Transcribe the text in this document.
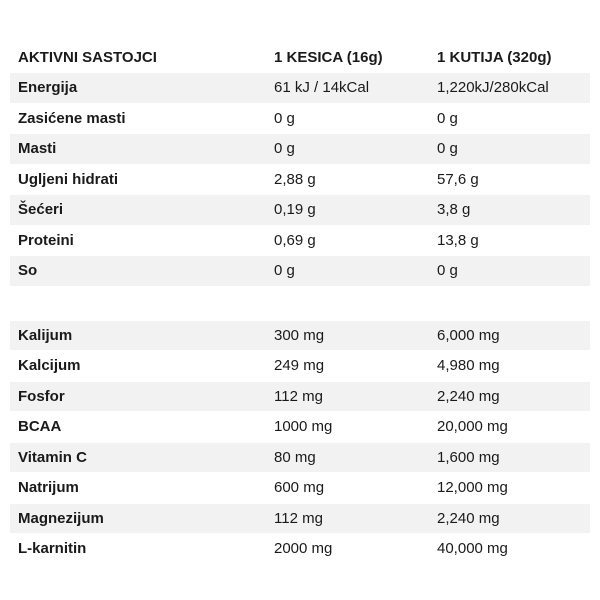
AKTIVNI SASTOJCI	1 KESICA (16g)	1 KUTIJA (320g)
Energija	61 kJ / 14kCal	1,220kJ/280kCal
Zasićene masti	0 g	0 g
Masti	0 g	0 g
Ugljeni hidrati	2,88 g	57,6 g
Šećeri	0,19 g	3,8 g
Proteini	0,69 g	13,8 g
So	0 g	0 g
Kalijum	300 mg	6,000 mg
Kalcijum	249 mg	4,980 mg
Fosfor	112 mg	2,240 mg
BCAA	1000 mg	20,000 mg
Vitamin C	80 mg	1,600 mg
Natrijum	600 mg	12,000 mg
Magnezijum	112 mg	2,240 mg
L-karnitin	2000 mg	40,000 mg
